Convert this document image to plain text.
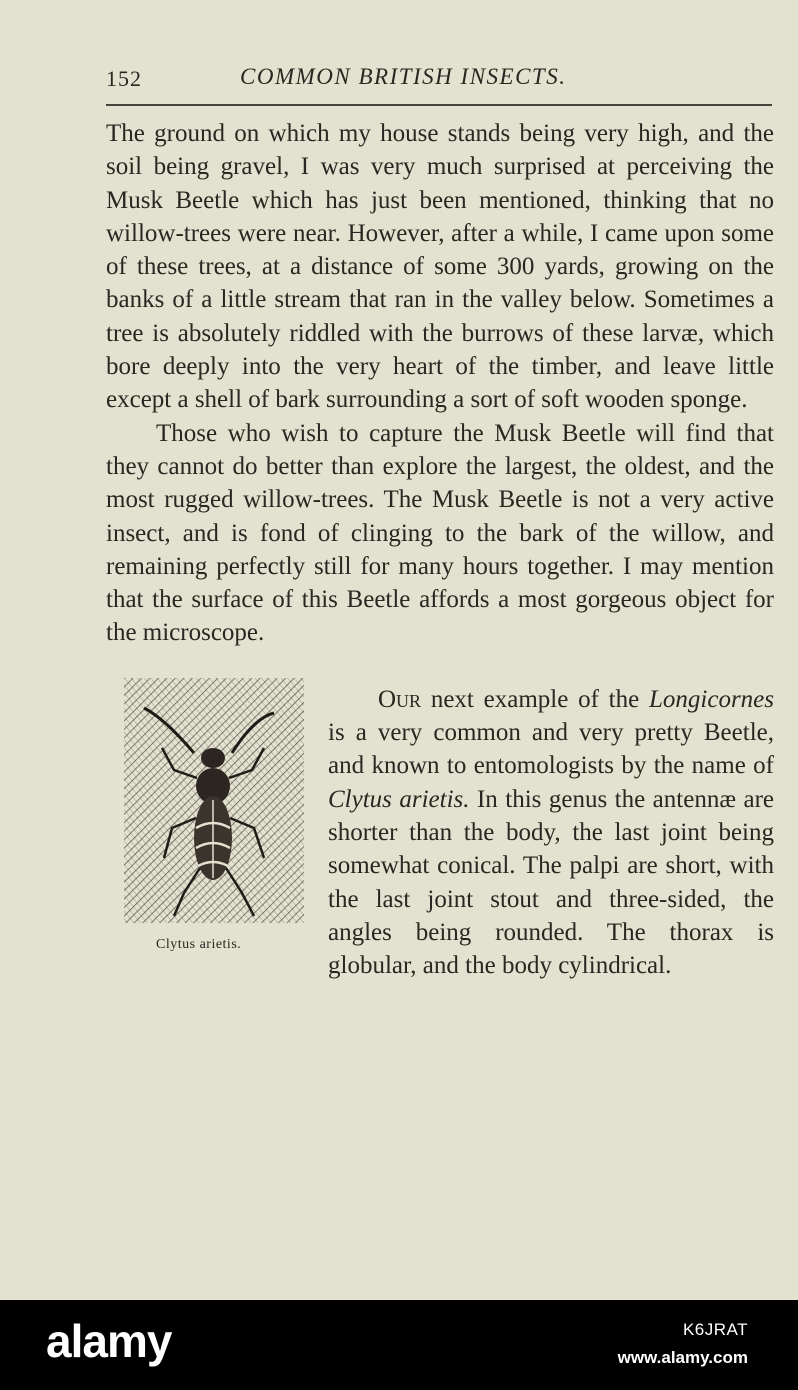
152	COMMON BRITISH INSECTS.

The ground on which my house stands being very high, and the soil being gravel, I was very much surprised at perceiving the Musk Beetle which has just been mentioned, thinking that no willow-trees were near. However, after a while, I came upon some of these trees, at a distance of some 300 yards, growing on the banks of a little stream that ran in the valley below. Sometimes a tree is absolutely riddled with the burrows of these larvæ, which bore deeply into the very heart of the timber, and leave little except a shell of bark surrounding a sort of soft wooden sponge.

Those who wish to capture the Musk Beetle will find that they cannot do better than explore the largest, the oldest, and the most rugged willow-trees. The Musk Beetle is not a very active insect, and is fond of clinging to the bark of the willow, and remaining perfectly still for many hours together. I may mention that the surface of this Beetle affords a most gorgeous object for the microscope.

Clytus arietis.

Our next example of the Longicornes is a very common and very pretty Beetle, and known to entomologists by the name of Clytus arietis. In this genus the antennæ are shorter than the body, the last joint being somewhat conical. The palpi are short, with the last joint stout and three-sided, the angles being rounded. The thorax is globular, and the body cylindrical.

alamy	K6JRAT
www.alamy.com
